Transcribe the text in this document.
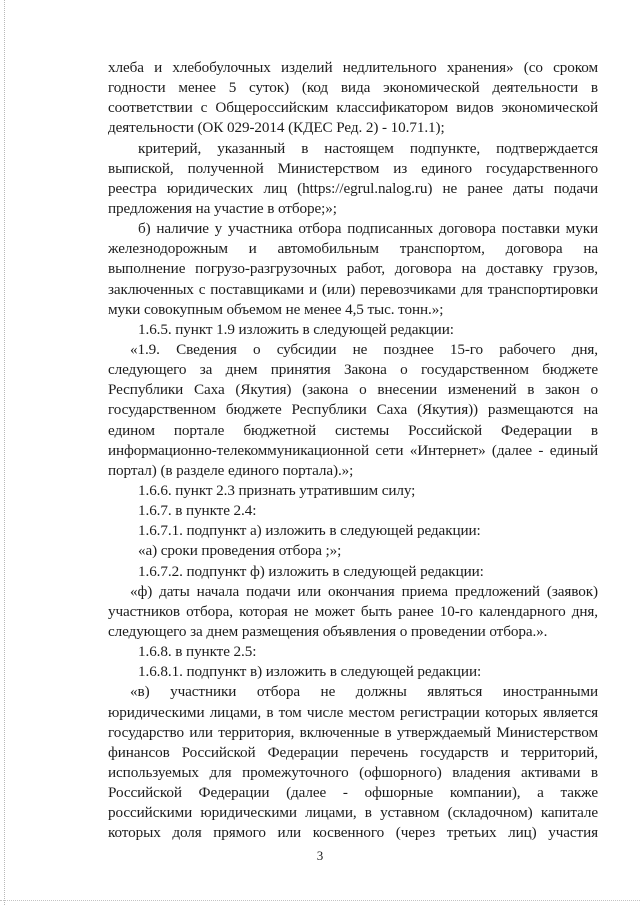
хлеба и хлебобулочных изделий недлительного хранения» (со сроком
годности менее 5 суток) (код вида экономической деятельности в
соответствии с Общероссийским классификатором видов экономической
деятельности (ОК 029-2014 (КДЕС Ред. 2) - 10.71.1);
критерий, указанный в настоящем подпункте, подтверждается
выпиской, полученной Министерством из единого государственного
реестра юридических лиц (https://egrul.nalog.ru) не ранее даты подачи
предложения на участие в отборе;»;
б) наличие у участника отбора подписанных договора поставки муки
железнодорожным и автомобильным транспортом, договора на
выполнение погрузо-разгрузочных работ, договора на доставку грузов,
заключенных с поставщиками и (или) перевозчиками для транспортировки
муки совокупным объемом не менее 4,5 тыс. тонн.»;
1.6.5. пункт 1.9 изложить в следующей редакции:
«1.9. Сведения о субсидии не позднее 15-го рабочего дня,
следующего за днем принятия Закона о государственном бюджете
Республики Саха (Якутия) (закона о внесении изменений в закон о
государственном бюджете Республики Саха (Якутия)) размещаются на
едином портале бюджетной системы Российской Федерации в
информационно-телекоммуникационной сети «Интернет» (далее - единый
портал) (в разделе единого портала).»;
1.6.6. пункт 2.3 признать утратившим силу;
1.6.7. в пункте 2.4:
1.6.7.1. подпункт а) изложить в следующей редакции:
«а) сроки проведения отбора ;»;
1.6.7.2. подпункт ф) изложить в следующей редакции:
«ф) даты начала подачи или окончания приема предложений (заявок)
участников отбора, которая не может быть ранее 10-го календарного дня,
следующего за днем размещения объявления о проведении отбора.».
1.6.8. в пункте 2.5:
1.6.8.1. подпункт в) изложить в следующей редакции:
«в) участники отбора не должны являться иностранными
юридическими лицами, в том числе местом регистрации которых является
государство или территория, включенные в утверждаемый Министерством
финансов Российской Федерации перечень государств и территорий,
используемых для промежуточного (офшорного) владения активами в
Российской Федерации (далее - офшорные компании), а также
российскими юридическими лицами, в уставном (складочном) капитале
которых доля прямого или косвенного (через третьих лиц) участия
3
